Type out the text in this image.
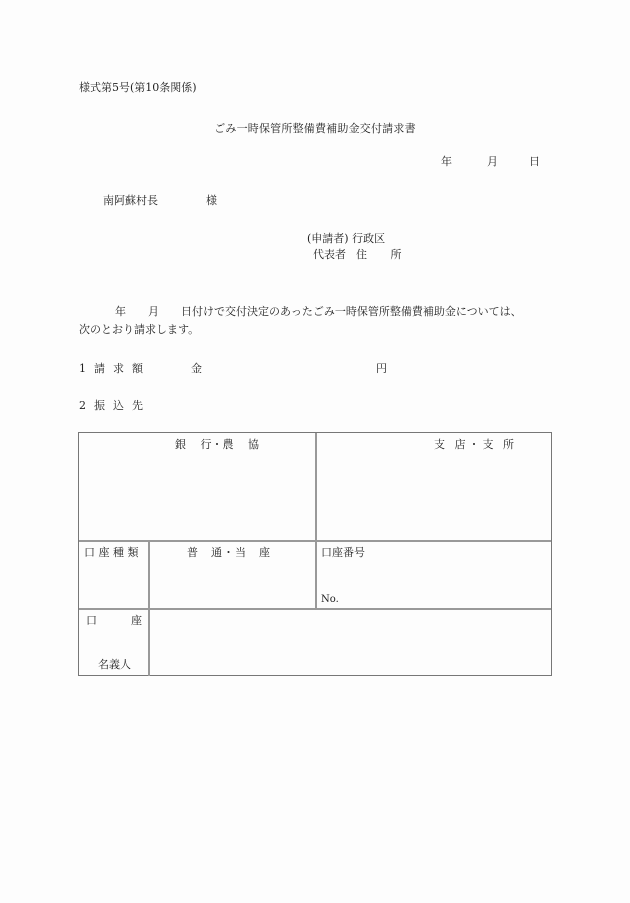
様式第5号(第10条関係)
ごみ一時保管所整備費補助金交付請求書
年	月	日
南阿蘇村長	様
(申請者) 行政区
代表者 住 所
年 月 日付けで交付決定のあったごみ一時保管所整備費補助金については、
次のとおり請求します。
1 請求額	金	円
2 振込先
銀　 行・農　 協	支 店・支 所
口 座 種 類	普　通・当　座	口座番号
No.
口	座
名義人
